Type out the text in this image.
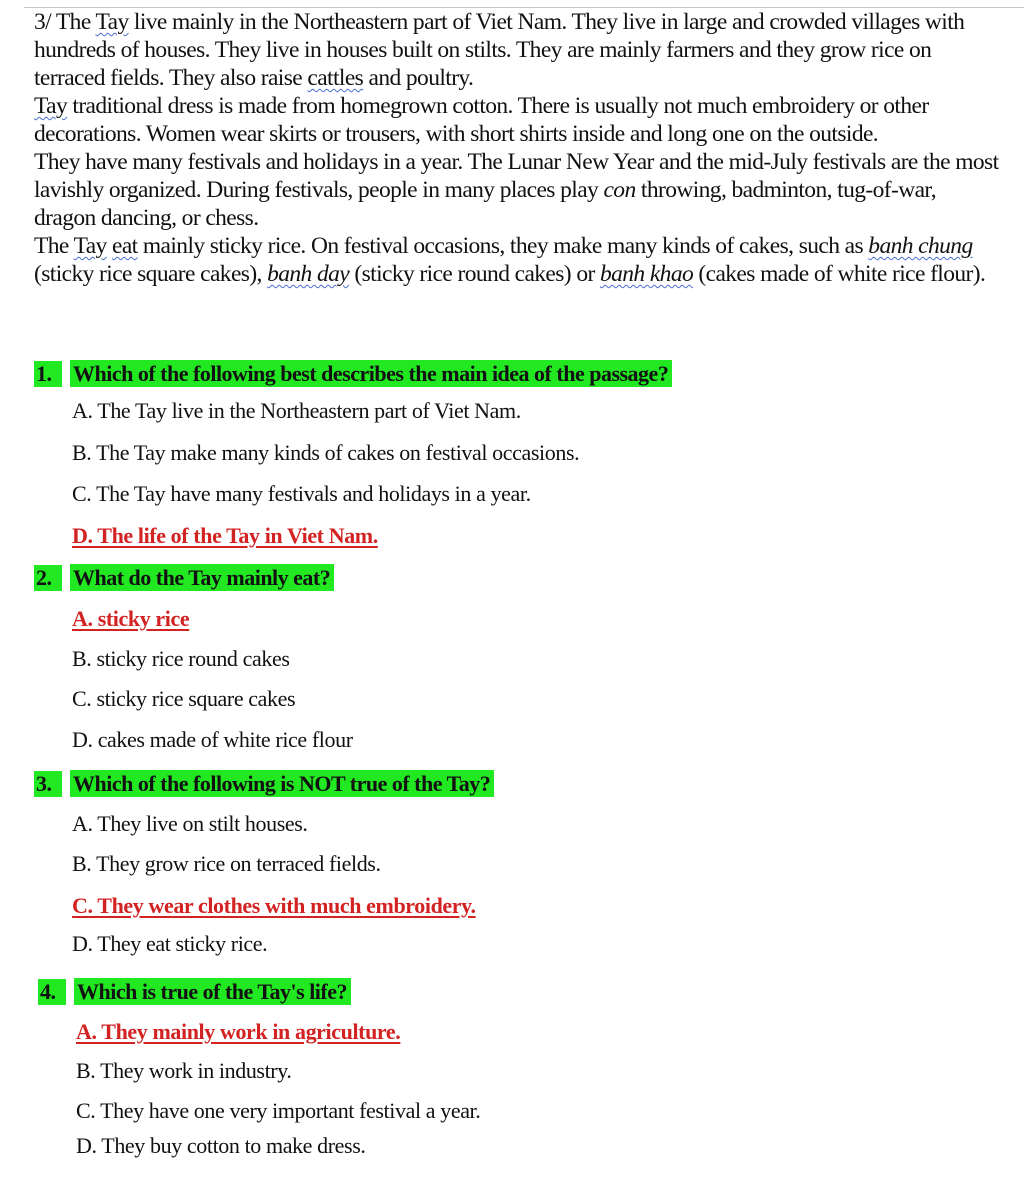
3/ The Tay live mainly in the Northeastern part of Viet Nam. They live in large and crowded villages with hundreds of houses. They live in houses built on stilts. They are mainly farmers and they grow rice on terraced fields. They also raise cattles and poultry.

Tay traditional dress is made from homegrown cotton. There is usually not much embroidery or other decorations. Women wear skirts or trousers, with short shirts inside and long one on the outside.

They have many festivals and holidays in a year. The Lunar New Year and the mid-July festivals are the most lavishly organized. During festivals, people in many places play con throwing, badminton, tug-of-war, dragon dancing, or chess.

The Tay eat mainly sticky rice. On festival occasions, they make many kinds of cakes, such as banh chung (sticky rice square cakes), banh day (sticky rice round cakes) or banh khao (cakes made of white rice flour).

1. Which of the following best describes the main idea of the passage?
A. The Tay live in the Northeastern part of Viet Nam.
B. The Tay make many kinds of cakes on festival occasions.
C. The Tay have many festivals and holidays in a year.
D. The life of the Tay in Viet Nam.
2. What do the Tay mainly eat?
A. sticky rice
B. sticky rice round cakes
C. sticky rice square cakes
D. cakes made of white rice flour
3. Which of the following is NOT true of the Tay?
A. They live on stilt houses.
B. They grow rice on terraced fields.
C. They wear clothes with much embroidery.
D. They eat sticky rice.
4. Which is true of the Tay's life?
A. They mainly work in agriculture.
B. They work in industry.
C. They have one very important festival a year.
D. They buy cotton to make dress.
